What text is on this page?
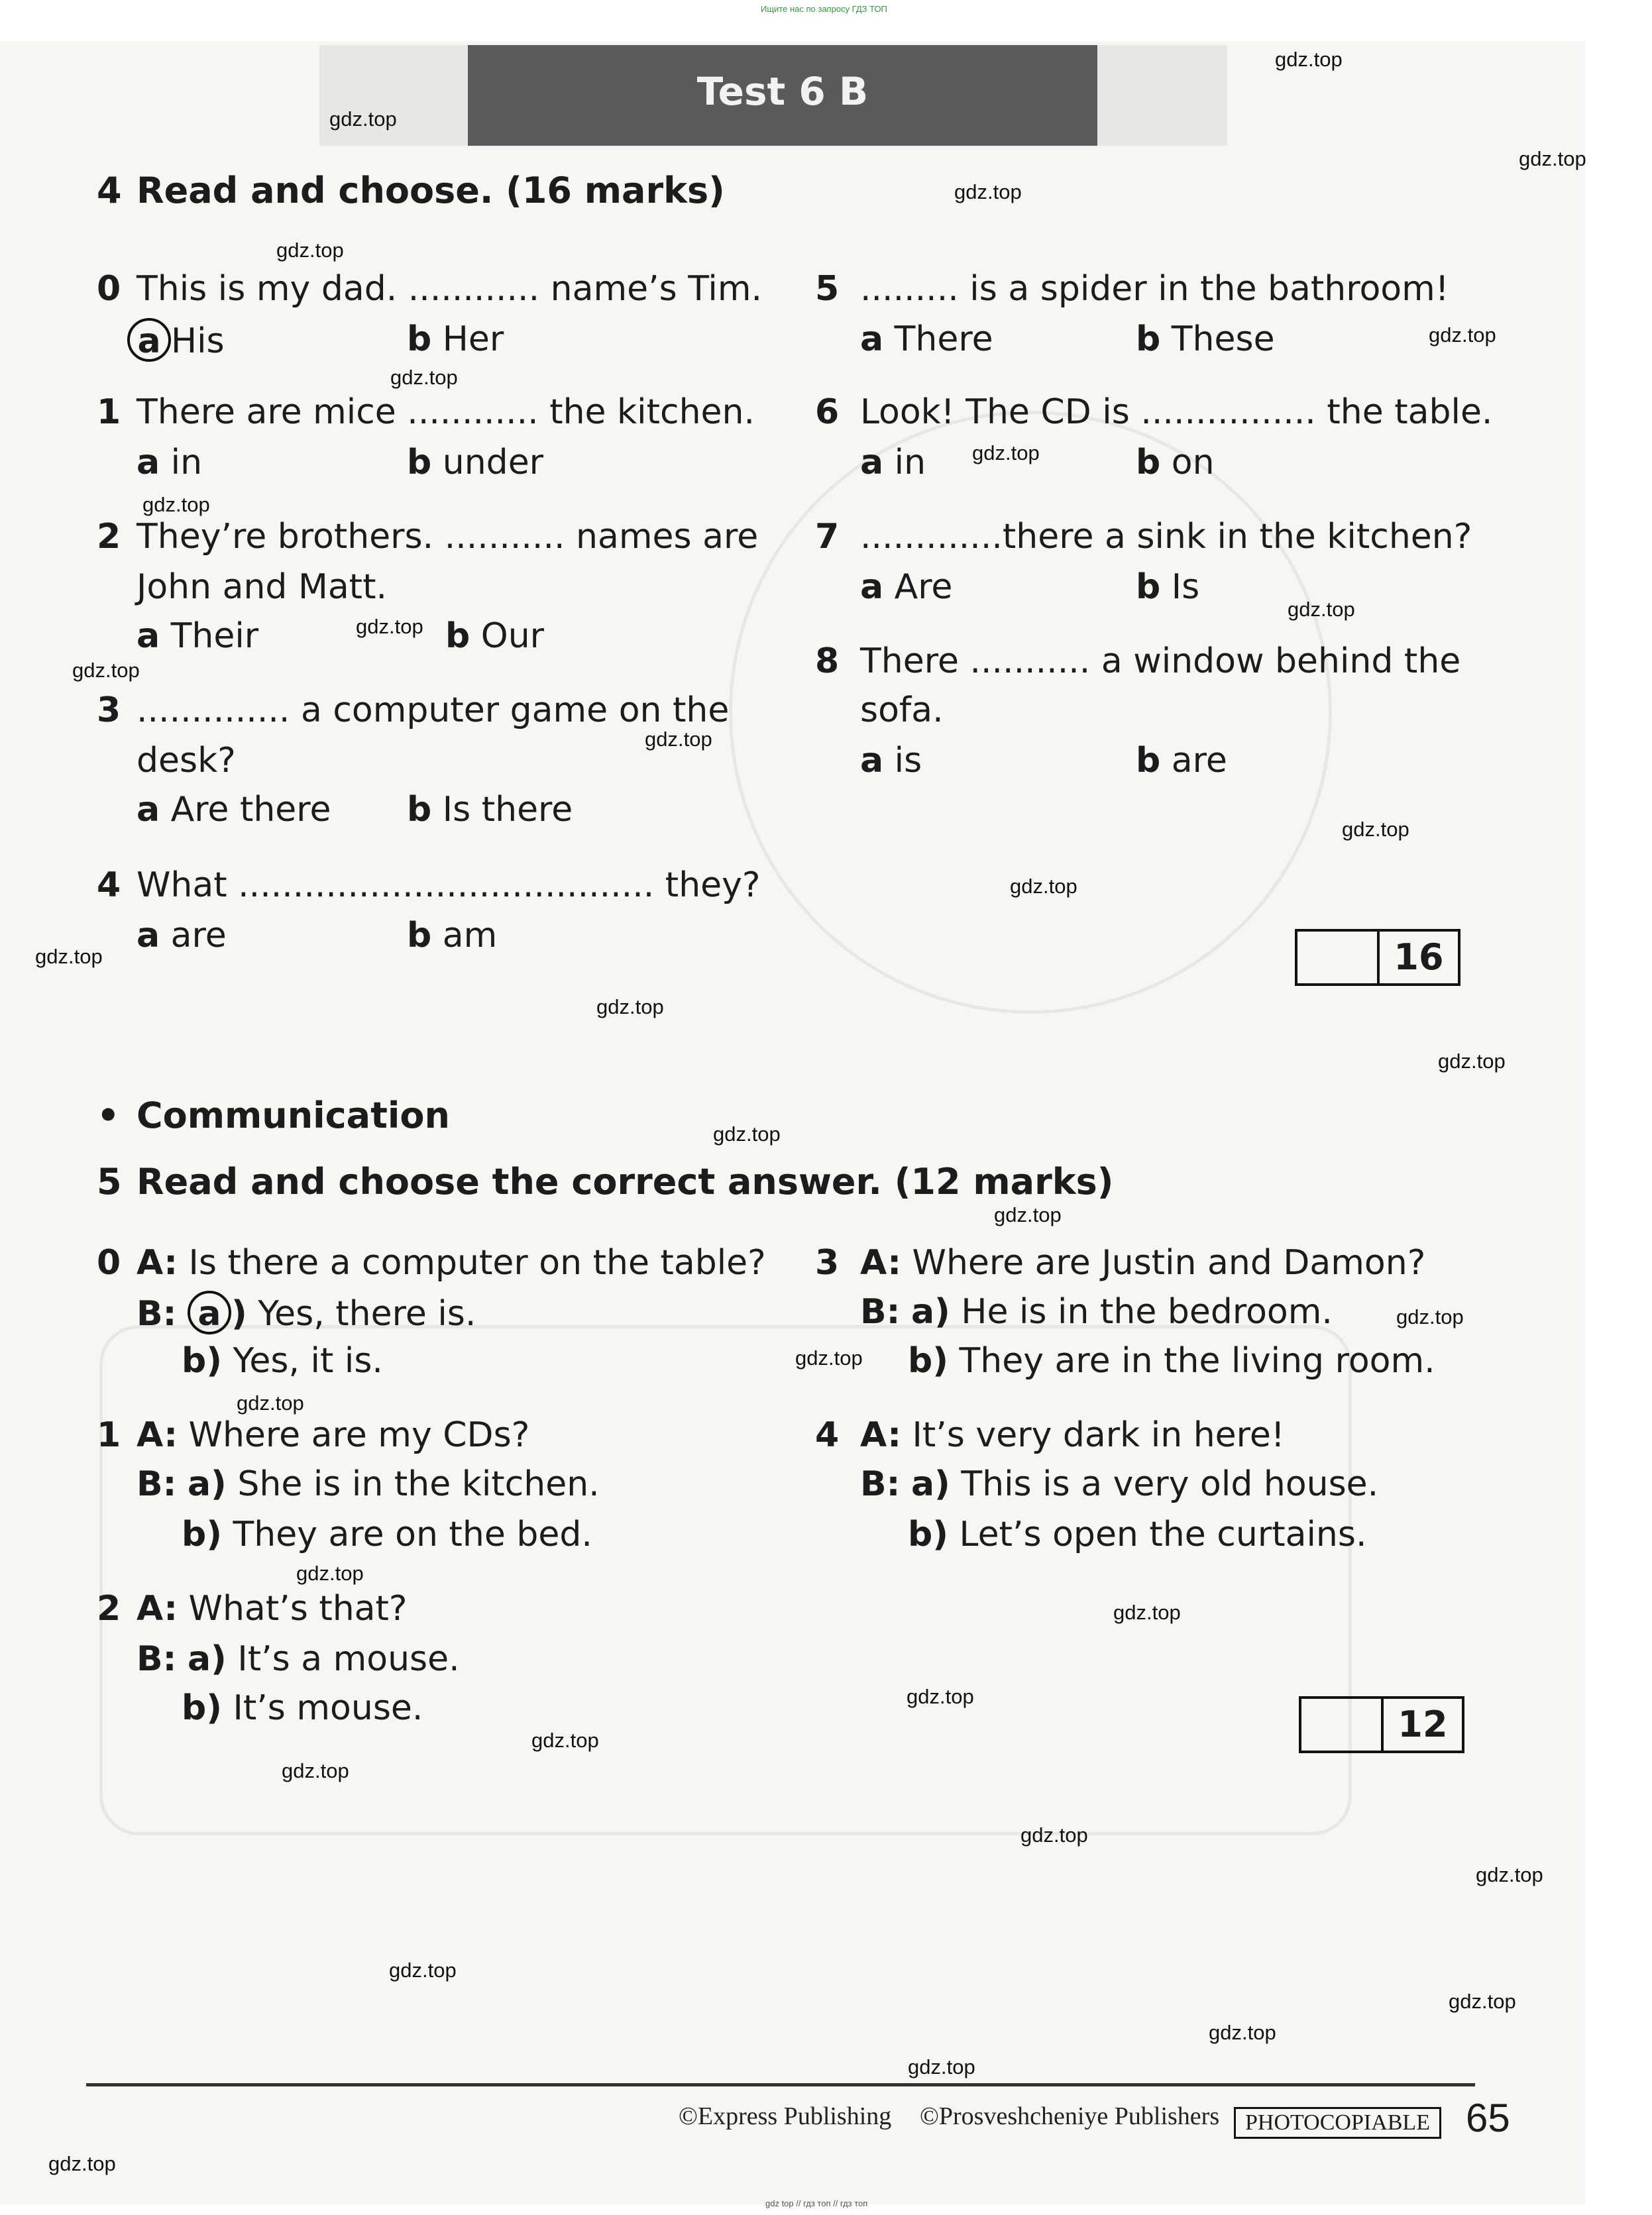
Ищите нас по запросу ГДЗ ТОП
Test 6 B
4 Read and choose. (16 marks)
0 This is my dad. ............ name’s Tim.
a His	b Her
1 There are mice ............ the kitchen.
a in	b under
2 They’re brothers. ........... names are
John and Matt.
a Their	b Our
3 .............. a computer game on the
desk?
a Are there b Is there
4 What ...................................... they?
a are	b am
5 ......... is a spider in the bathroom!
a There	b These
6 Look! The CD is ................ the table.
a in	b on
7 .............there a sink in the kitchen?
a Are	b Is
8 There ........... a window behind the
sofa.
a is	b are
16
• Communication
5 Read and choose the correct answer. (12 marks)
0 A: Is there a computer on the table?
B: a ) Yes, there is.
b) Yes, it is.
1 A: Where are my CDs?
B: a) She is in the kitchen.
b) They are on the bed.
2 A: What’s that?
B: a) It’s a mouse.
b) It’s mouse.
3 A: Where are Justin and Damon?
B: a) He is in the bedroom.
b) They are in the living room.
4 A: It’s very dark in here!
B: a) This is a very old house.
b) Let’s open the curtains.
12
©Express Publishing ©Prosveshcheniye Publishers	PHOTOCOPIABLE 65
gdz.top
gdz.top
gdz.top
gdz.top
gdz.top
gdz.top
gdz.top
gdz.top
gdz.top
gdz.top
gdz.top
gdz.top
gdz.top
gdz.top
gdz.top
gdz.top
gdz.top
gdz.top
gdz.top
gdz.top
gdz.top
gdz.top
gdz.top
gdz.top
gdz.top
gdz.top
gdz.top
gdz.top
gdz.top
gdz.top
gdz.top
gdz.top
gdz.top
gdz.top
gdz.top
gdz top // гдз топ // гдз топ
